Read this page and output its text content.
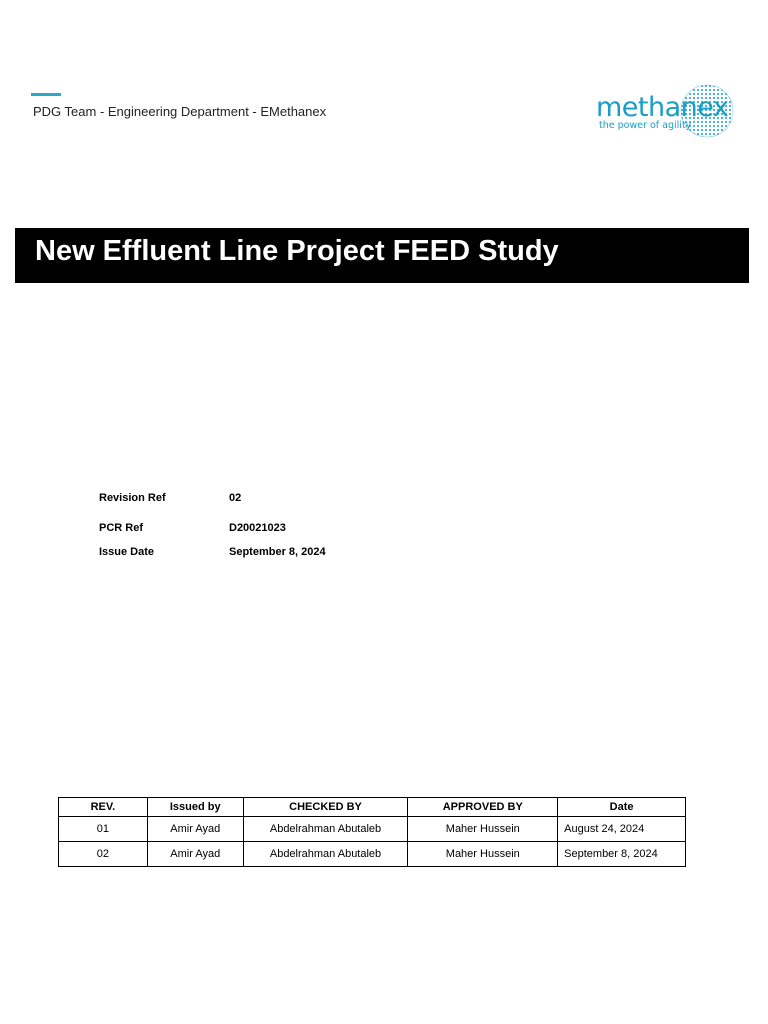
PDG Team - Engineering Department - EMethanex	methanex
the power of agility
New Effluent Line Project FEED Study
Revision Ref	02
PCR Ref	D20021023
Issue Date	September 8, 2024
REV.	Issued by	CHECKED BY	APPROVED BY	Date
01	Amir Ayad	Abdelrahman Abutaleb	Maher Hussein	August 24, 2024
02	Amir Ayad	Abdelrahman Abutaleb	Maher Hussein	September 8, 2024
